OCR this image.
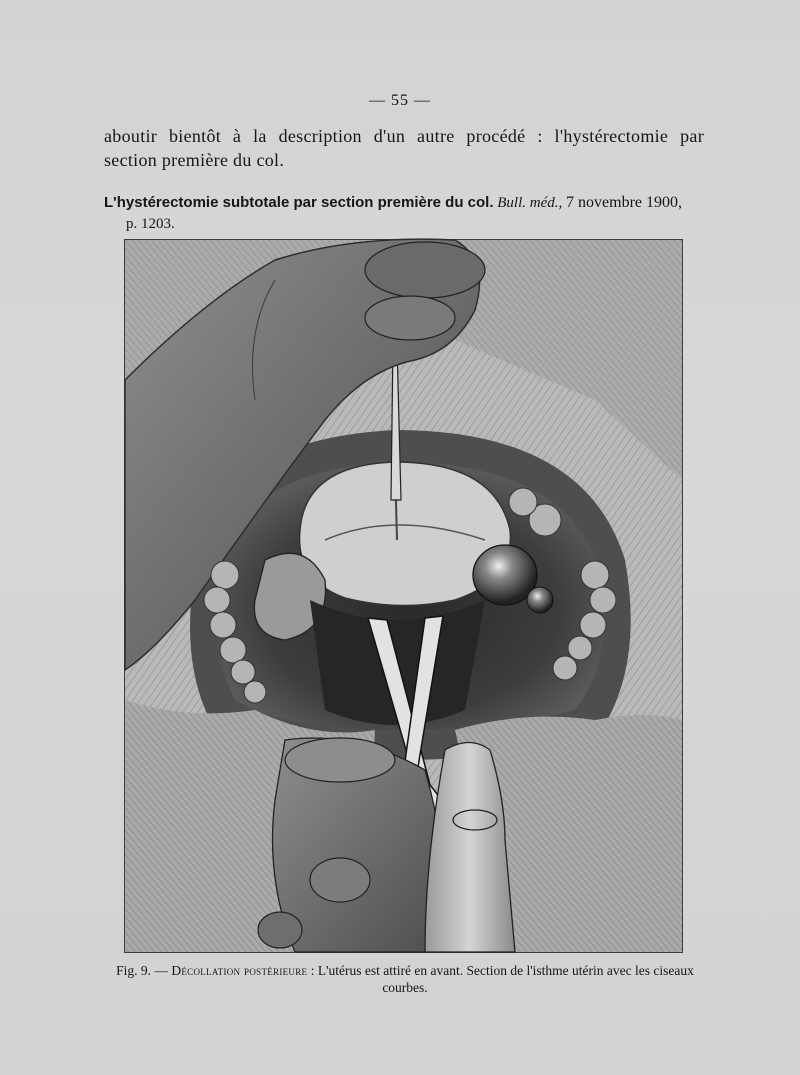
— 55 —
aboutir bientôt à la description d'un autre procédé : l'hystérectomie par
section première du col.
L'hystérectomie subtotale par section première du col. Bull. méd., 7 novembre 1900,
p. 1203.
Fig. 9. — Décollation postérieure : L'utérus est attiré en avant. Section de l'isthme utérin avec les ciseaux courbes.
